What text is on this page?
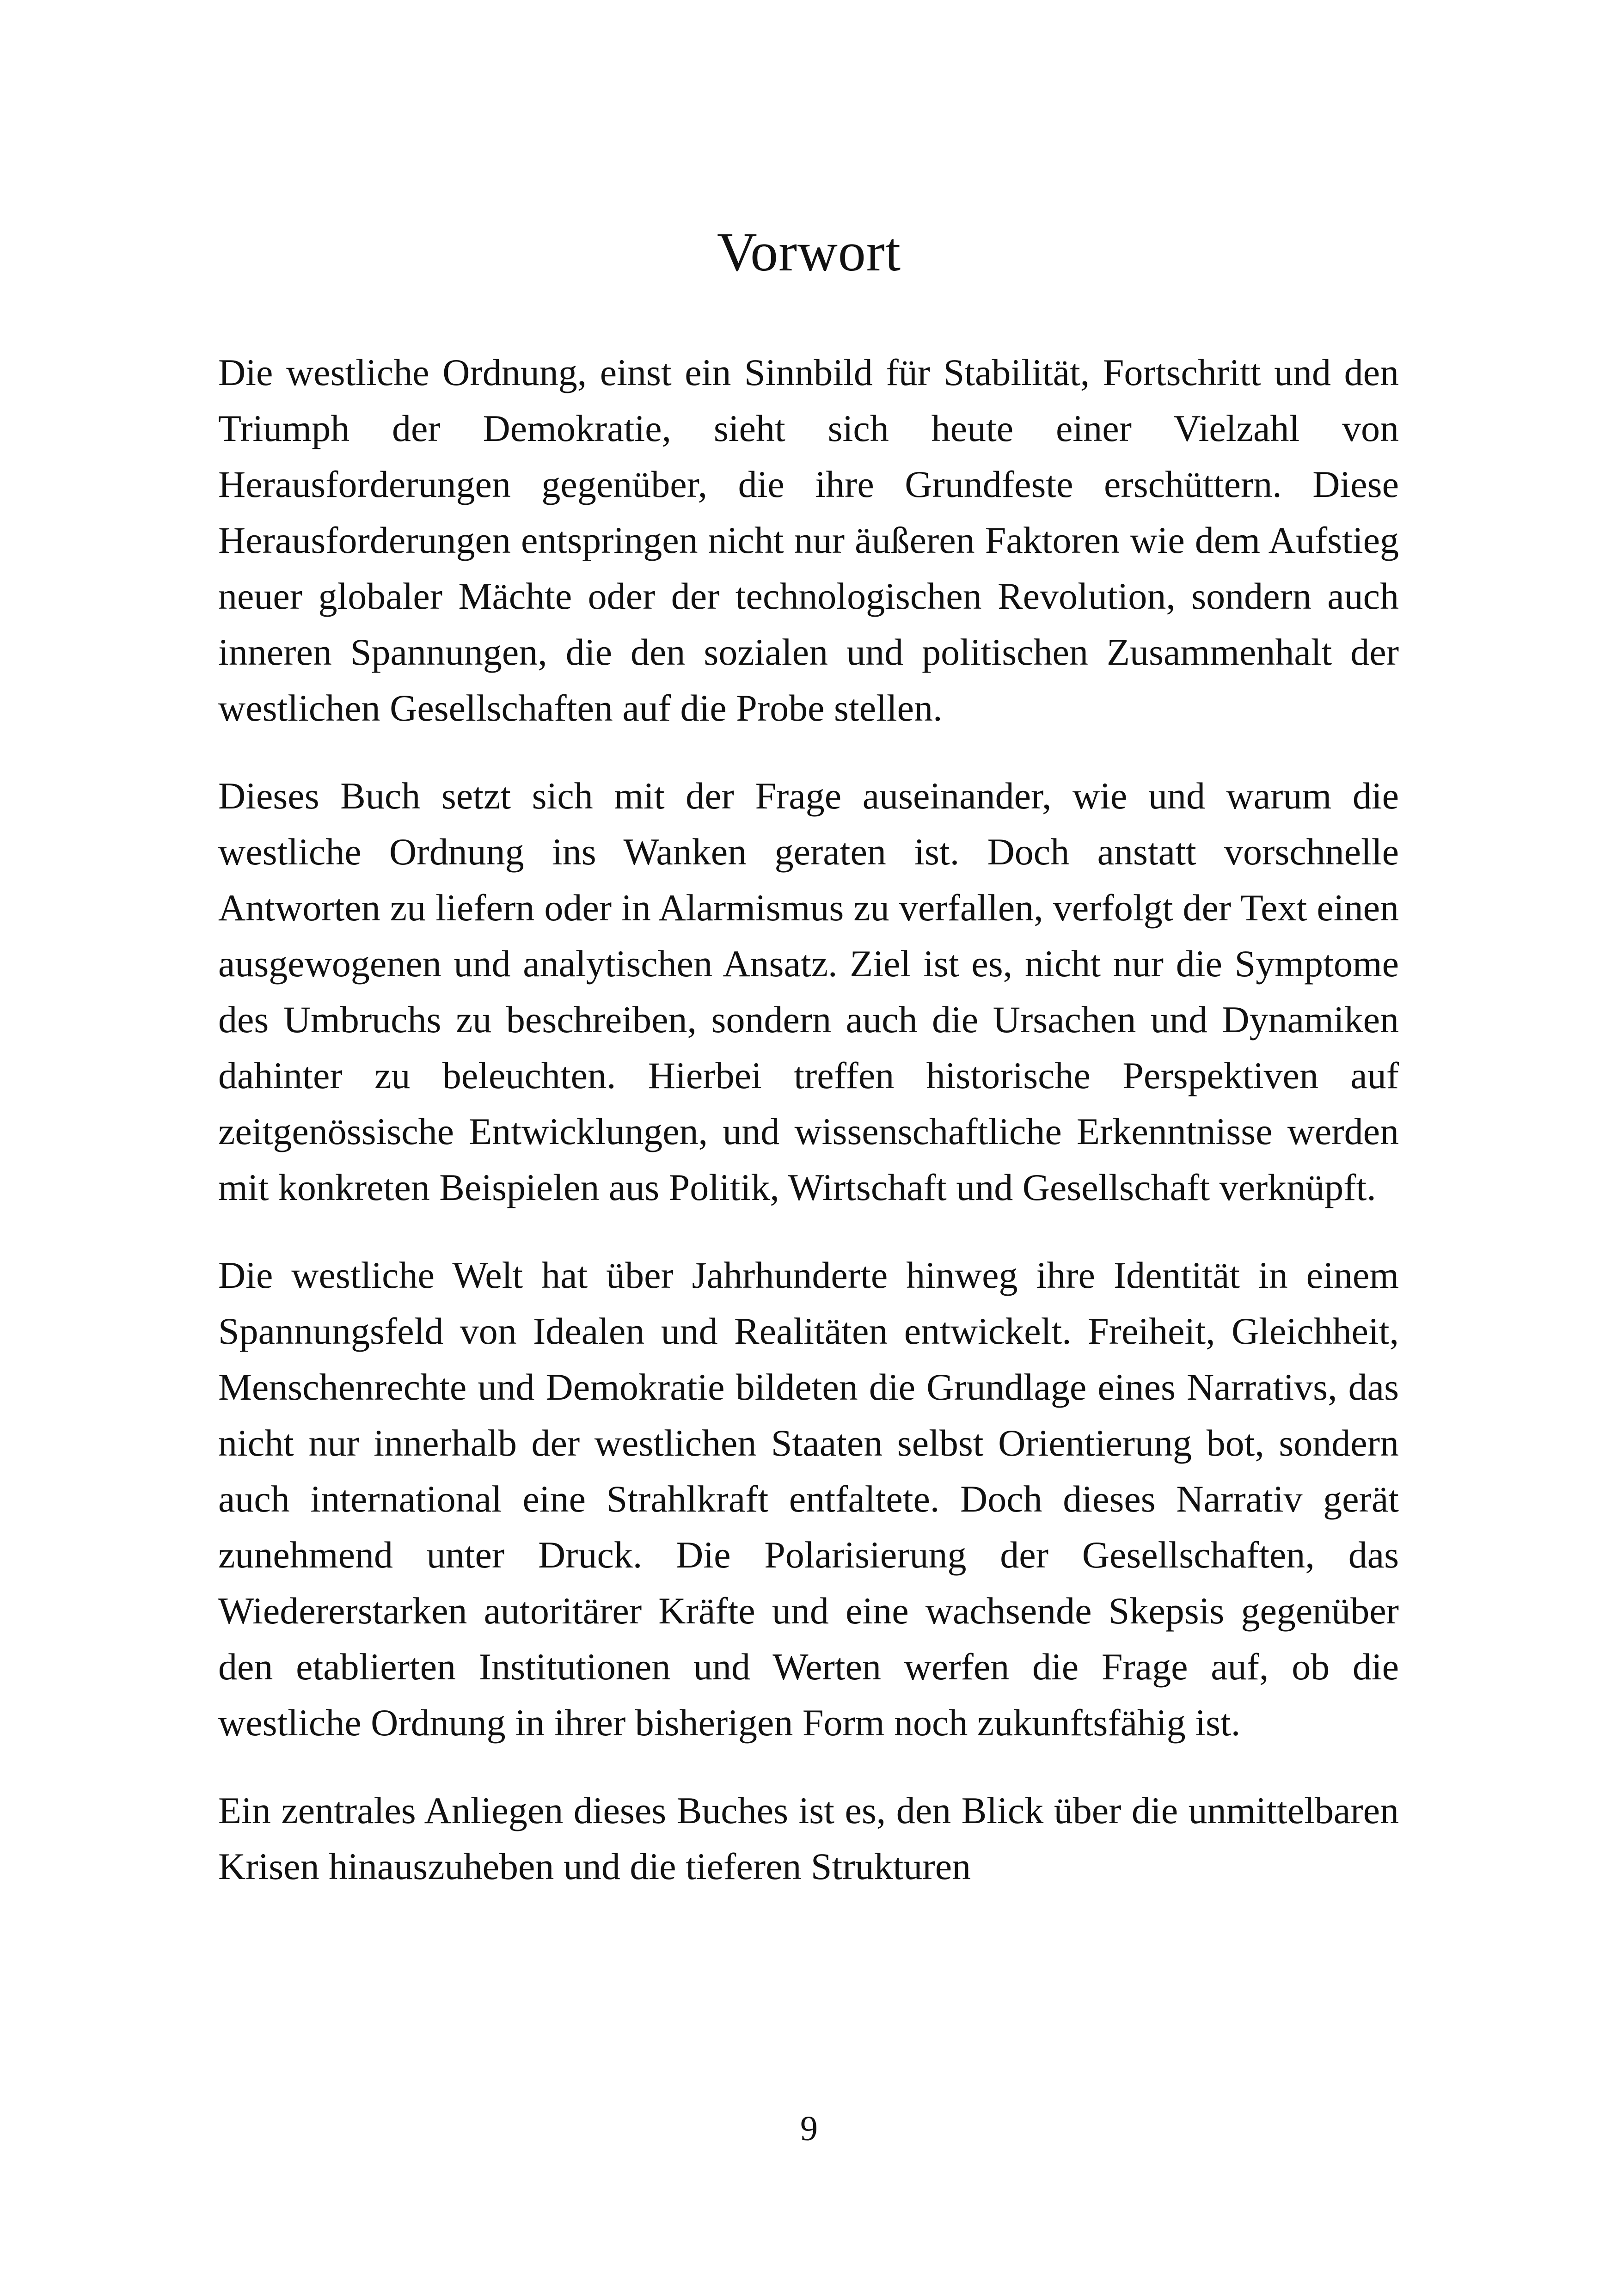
Vorwort

Die westliche Ordnung, einst ein Sinnbild für Stabilität, Fortschritt und den Triumph der Demokratie, sieht sich heute einer Vielzahl von Herausforderungen gegenüber, die ihre Grundfeste erschüttern. Diese Herausforderungen entspringen nicht nur äußeren Faktoren wie dem Aufstieg neuer globaler Mächte oder der technologischen Revolution, sondern auch inneren Spannungen, die den sozialen und politischen Zusammenhalt der westlichen Gesellschaften auf die Probe stellen.

Dieses Buch setzt sich mit der Frage auseinander, wie und warum die westliche Ordnung ins Wanken geraten ist. Doch anstatt vorschnelle Antworten zu liefern oder in Alarmismus zu verfallen, verfolgt der Text einen ausgewogenen und analytischen Ansatz. Ziel ist es, nicht nur die Symptome des Umbruchs zu beschreiben, sondern auch die Ursachen und Dynamiken dahinter zu beleuchten. Hierbei treffen historische Perspektiven auf zeitgenössische Entwicklungen, und wissenschaftliche Erkenntnisse werden mit konkreten Beispielen aus Politik, Wirtschaft und Gesellschaft verknüpft.

Die westliche Welt hat über Jahrhunderte hinweg ihre Identität in einem Spannungsfeld von Idealen und Realitäten entwickelt. Freiheit, Gleichheit, Menschenrechte und Demokratie bildeten die Grundlage eines Narrativs, das nicht nur innerhalb der westlichen Staaten selbst Orientierung bot, sondern auch international eine Strahlkraft entfaltete. Doch dieses Narrativ gerät zunehmend unter Druck. Die Polarisierung der Gesellschaften, das Wiedererstarken autoritärer Kräfte und eine wachsende Skepsis gegenüber den etablierten Institutionen und Werten werfen die Frage auf, ob die westliche Ordnung in ihrer bisherigen Form noch zukunftsfähig ist.

Ein zentrales Anliegen dieses Buches ist es, den Blick über die unmittelbaren Krisen hinauszuheben und die tieferen Strukturen

9
